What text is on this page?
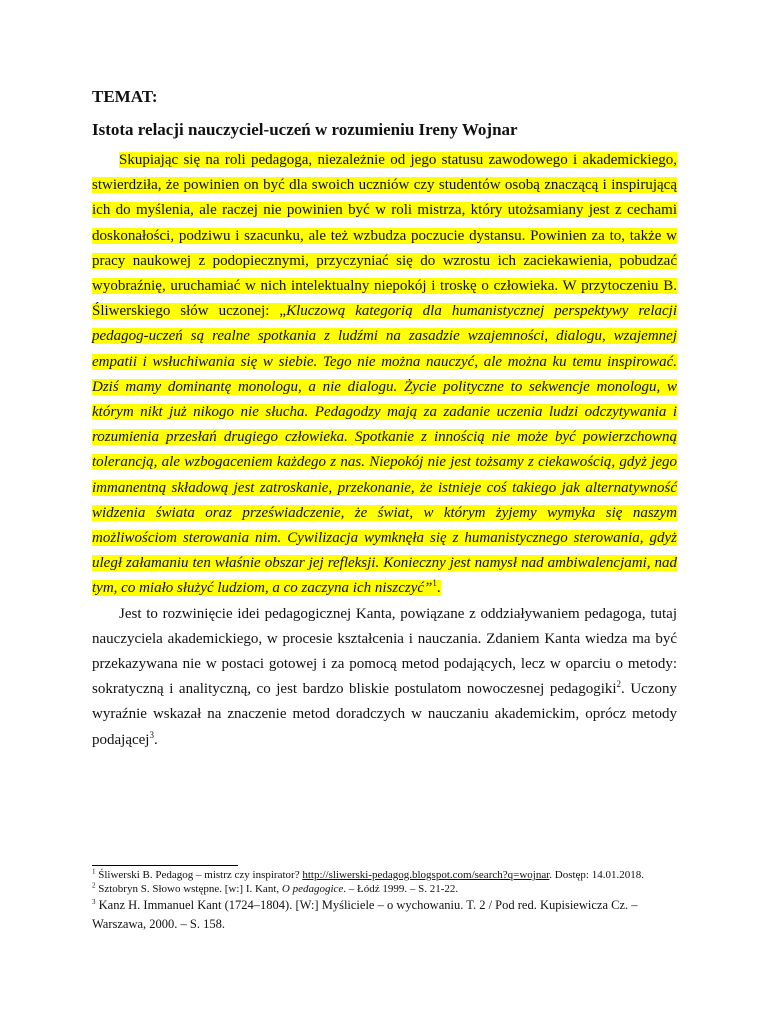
TEMAT:
Istota relacji nauczyciel-uczeń w rozumieniu Ireny Wojnar

Skupiając się na roli pedagoga, niezależnie od jego statusu zawodowego i akademickiego, stwierdziła, że powinien on być dla swoich uczniów czy studentów osobą znaczącą i inspirującą ich do myślenia, ale raczej nie powinien być w roli mistrza, który utożsamiany jest z cechami doskonałości, podziwu i szacunku, ale też wzbudza poczucie dystansu. Powinien za to, także w pracy naukowej z podopiecznymi, przyczyniać się do wzrostu ich zaciekawienia, pobudzać wyobraźnię, uruchamiać w nich intelektualny niepokój i troskę o człowieka. W przytoczeniu B. Śliwerskiego słów uczonej: „Kluczową kategorią dla humanistycznej perspektywy relacji pedagog-uczeń są realne spotkania z ludźmi na zasadzie wzajemności, dialogu, wzajemnej empatii i wsłuchiwania się w siebie. Tego nie można nauczyć, ale można ku temu inspirować. Dziś mamy dominantę monologu, a nie dialogu. Życie polityczne to sekwencje monologu, w którym nikt już nikogo nie słucha. Pedagodzy mają za zadanie uczenia ludzi odczytywania i rozumienia przesłań drugiego człowieka. Spotkanie z innością nie może być powierzchowną tolerancją, ale wzbogaceniem każdego z nas. Niepokój nie jest tożsamy z ciekawością, gdyż jego immanentną składową jest zatroskanie, przekonanie, że istnieje coś takiego jak alternatywność widzenia świata oraz przeświadczenie, że świat, w którym żyjemy wymyka się naszym możliwościom sterowania nim. Cywilizacja wymknęła się z humanistycznego sterowania, gdyż uległ załamaniu ten właśnie obszar jej refleksji. Konieczny jest namysł nad ambiwalencjami, nad tym, co miało służyć ludziom, a co zaczyna ich niszczyć”$^1$.

Jest to rozwinięcie idei pedagogicznej Kanta, powiązane z oddziaływaniem pedagoga, tutaj nauczyciela akademickiego, w procesie kształcenia i nauczania. Zdaniem Kanta wiedza ma być przekazywana nie w postaci gotowej i za pomocą metod podających, lecz w oparciu o metody: sokratyczną i analityczną, co jest bardzo bliskie postulatom nowoczesnej pedagogiki$^2$. Uczony wyraźnie wskazał na znaczenie metod doradczych w nauczaniu akademickim, oprócz metody podającej$^3$.

$^1$ Śliwerski B. Pedagog – mistrz czy inspirator? http://sliwerski-pedagog.blogspot.com/search?q=wojnar. Dostęp: 14.01.2018.

$^2$ Sztobryn S. Słowo wstępne. [w:] I. Kant, O pedagogice. – Łódź 1999. – S. 21-22.

$^3$ Kanz H. Immanuel Kant (1724–1804). [W:] Myśliciele – o wychowaniu. T. 2 / Pod red. Kupisiewicza Cz. – Warszawa, 2000. – S. 158.
